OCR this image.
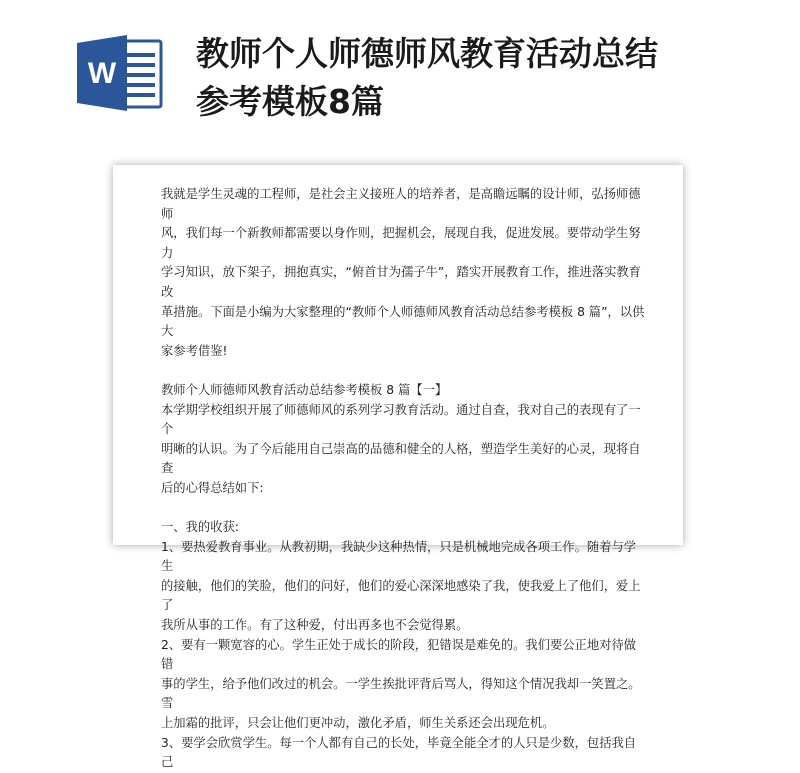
W
教师个人师德师风教育活动总结
参考模板8篇

我就是学生灵魂的工程师，是社会主义接班人的培养者，是高瞻远瞩的设计师，弘扬师德师

风，我们每一个新教师都需要以身作则，把握机会，展现自我，促进发展。要带动学生努力

学习知识，放下架子，拥抱真实，“俯首甘为孺子牛”，踏实开展教育工作，推进落实教育改

革措施。下面是小编为大家整理的“教师个人师德师风教育活动总结参考模板 8 篇”，以供大

家参考借鉴!

教师个人师德师风教育活动总结参考模板 8 篇【一】

本学期学校组织开展了师德师风的系列学习教育活动。通过自查，我对自己的表现有了一个

明晰的认识。为了今后能用自己崇高的品德和健全的人格，塑造学生美好的心灵，现将自查

后的心得总结如下:

一、我的收获:

1、要热爱教育事业。从教初期，我缺少这种热情，只是机械地完成各项工作。随着与学生

的接触，他们的笑脸，他们的问好，他们的爱心深深地感染了我，使我爱上了他们，爱上了

我所从事的工作。有了这种爱，付出再多也不会觉得累。

2、要有一颗宽容的心。学生正处于成长的阶段，犯错误是难免的。我们要公正地对待做错

事的学生，给予他们改过的机会。一学生挨批评背后骂人，得知这个情况我却一笑置之。雪

上加霜的批评，只会让他们更冲动，激化矛盾，师生关系还会出现危机。

3、要学会欣赏学生。每一个人都有自己的长处，毕竟全能全才的人只是少数，包括我自己
